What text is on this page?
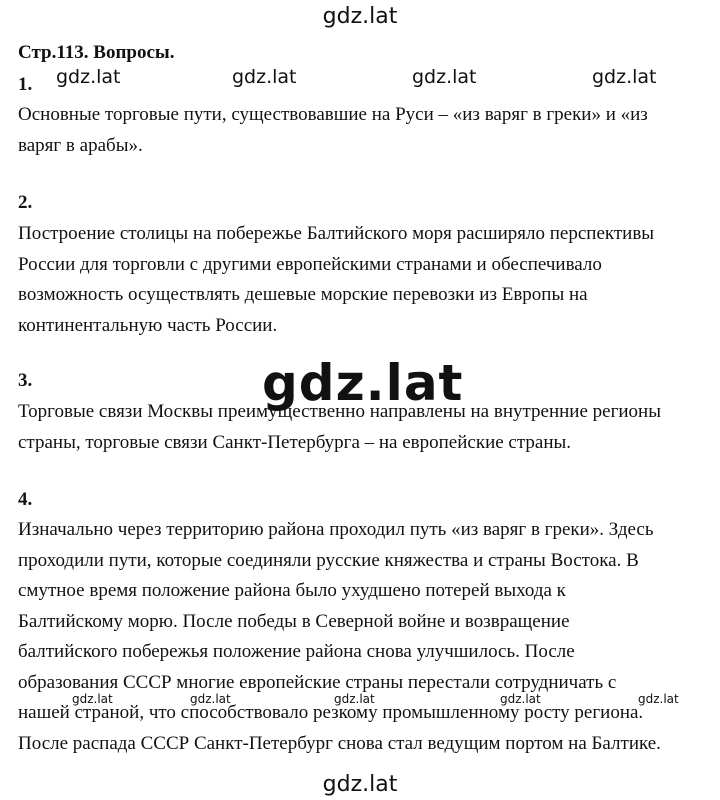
gdz.lat
Стр.113. Вопросы.
gdz.lat	gdz.lat	gdz.lat	gdz.lat
1.
Основные торговые пути, существовавшие на Руси – «из варяг в греки» и «из
варяг в арабы».
2.
Построение столицы на побережье Балтийского моря расширяло перспективы
России для торговли с другими европейскими странами и обеспечивало
возможность осуществлять дешевые морские перевозки из Европы на
континентальную часть России.
3.
Торговые связи Москвы преимущественно направлены на внутренние регионы
страны, торговые связи Санкт-Петербурга – на европейские страны.
4.
Изначально через территорию района проходил путь «из варяг в греки». Здесь
проходили пути, которые соединяли русские княжества и страны Востока. В
смутное время положение района было ухудшено потерей выхода к
Балтийскому морю. После победы в Северной войне и возвращение
балтийского побережья положение района снова улучшилось. После
образования СССР многие европейские страны перестали сотрудничать с
нашей страной, что способствовало резкому промышленному росту региона.
После распада СССР Санкт-Петербург снова стал ведущим портом на Балтике.
gdz.lat
gdz.lat	gdz.lat	gdz.lat	gdz.lat	gdz.lat
gdz.lat
